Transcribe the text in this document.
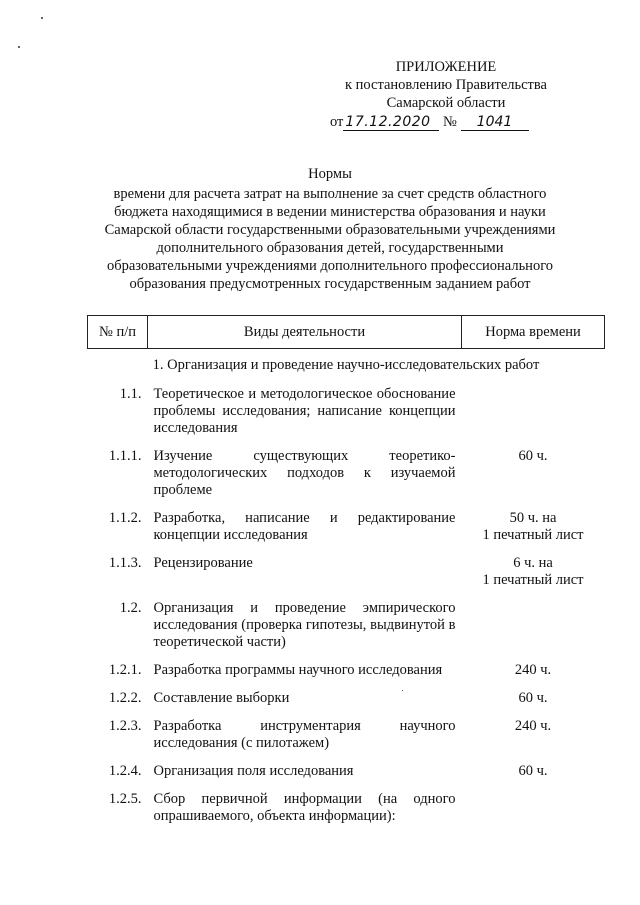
ПРИЛОЖЕНИЕ
к постановлению Правительства
Самарской области
от 17.12.2020 № 1041
Нормы
времени для расчета затрат на выполнение за счет средств областного
бюджета находящимися в ведении министерства образования и науки
Самарской области государственными образовательными учреждениями
дополнительного образования детей, государственными
образовательными учреждениями дополнительного профессионального
образования предусмотренных государственным заданием работ
№ п/п	Виды деятельности	Норма времени
1. Организация и проведение научно-исследовательских работ		
1.1.	Теоретическое и методологическое обоснование проблемы исследования; написание концепции исследования	
1.1.1.	Изучение существующих теоретико-методологических подходов к изучаемой проблеме	60 ч.
1.1.2.	Разработка, написание и редактирование концепции исследования	50 ч. на
1 печатный лист
1.1.3.	Рецензирование	6 ч. на
1 печатный лист
1.2.	Организация и проведение эмпирического исследования (проверка гипотезы, выдвинутой в теоретической части)	
1.2.1.	Разработка программы научного исследования	240 ч.
1.2.2.	Составление выборки	60 ч.
1.2.3.	Разработка инструментария научного исследования (с пилотажем)	240 ч.
1.2.4.	Организация поля исследования	60 ч.
1.2.5.	Сбор первичной информации (на одного опрашиваемого, объекта информации):	
